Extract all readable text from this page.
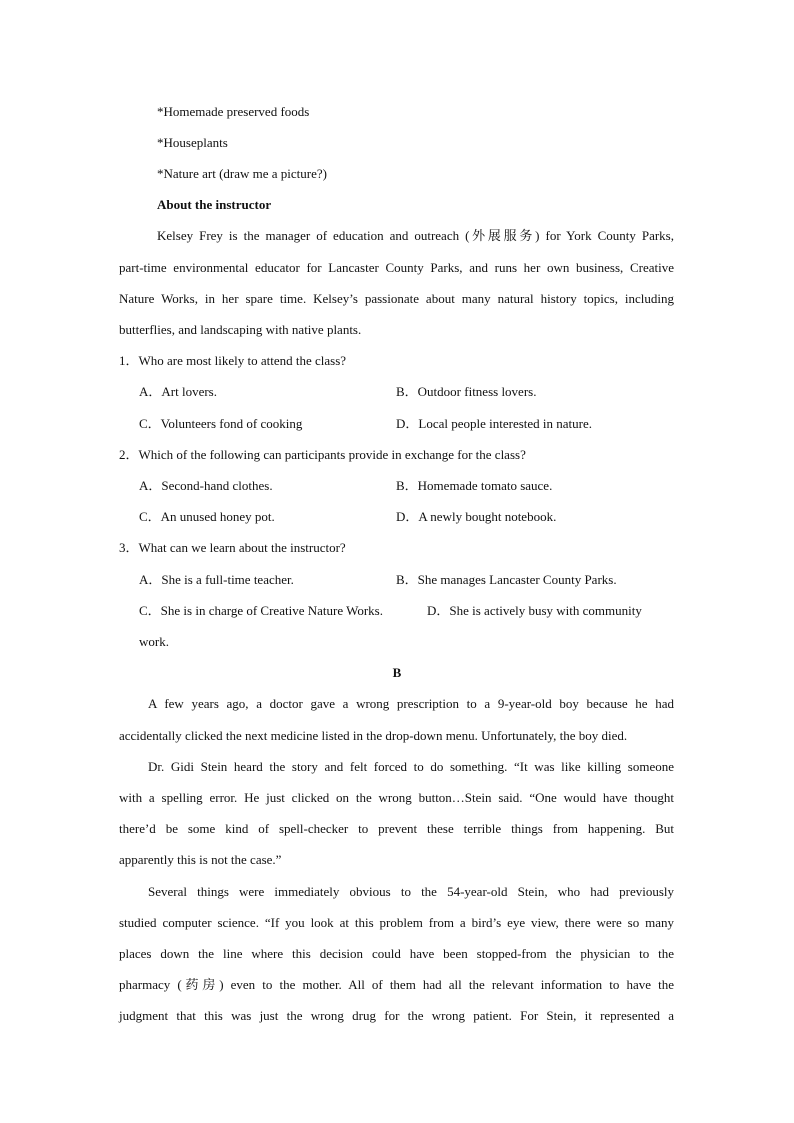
*Homemade preserved foods
*Houseplants
*Nature art (draw me a picture?)
About the instructor
Kelsey Frey is the manager of education and outreach (外展服务) for York County Parks,
part-time environmental educator for Lancaster County Parks, and runs her own business, Creative
Nature Works, in her spare time. Kelsey’s passionate about many natural history topics, including
butterflies, and landscaping with native plants.
1．Who are most likely to attend the class?
A．Art lovers.	B．Outdoor fitness lovers.
C．Volunteers fond of cooking	D．Local people interested in nature.
2．Which of the following can participants provide in exchange for the class?
A．Second-hand clothes.	B．Homemade tomato sauce.
C．An unused honey pot.	D．A newly bought notebook.
3．What can we learn about the instructor?
A．She is a full-time teacher.	B．She manages Lancaster County Parks.
C．She is in charge of Creative Nature Works.	D．She is actively busy with community
work.
B
A few years ago, a doctor gave a wrong prescription to a 9-year-old boy because he had
accidentally clicked the next medicine listed in the drop-down menu. Unfortunately, the boy died.
Dr. Gidi Stein heard the story and felt forced to do something. “It was like killing someone
with a spelling error. He just clicked on the wrong button…Stein said. “One would have thought
there’d be some kind of spell-checker to prevent these terrible things from happening. But
apparently this is not the case.”
Several things were immediately obvious to the 54-year-old Stein, who had previously
studied computer science. “If you look at this problem from a bird’s eye view, there were so many
places down the line where this decision could have been stopped-from the physician to the
pharmacy (药房) even to the mother. All of them had all the relevant information to have the
judgment that this was just the wrong drug for the wrong patient. For Stein, it represented a
